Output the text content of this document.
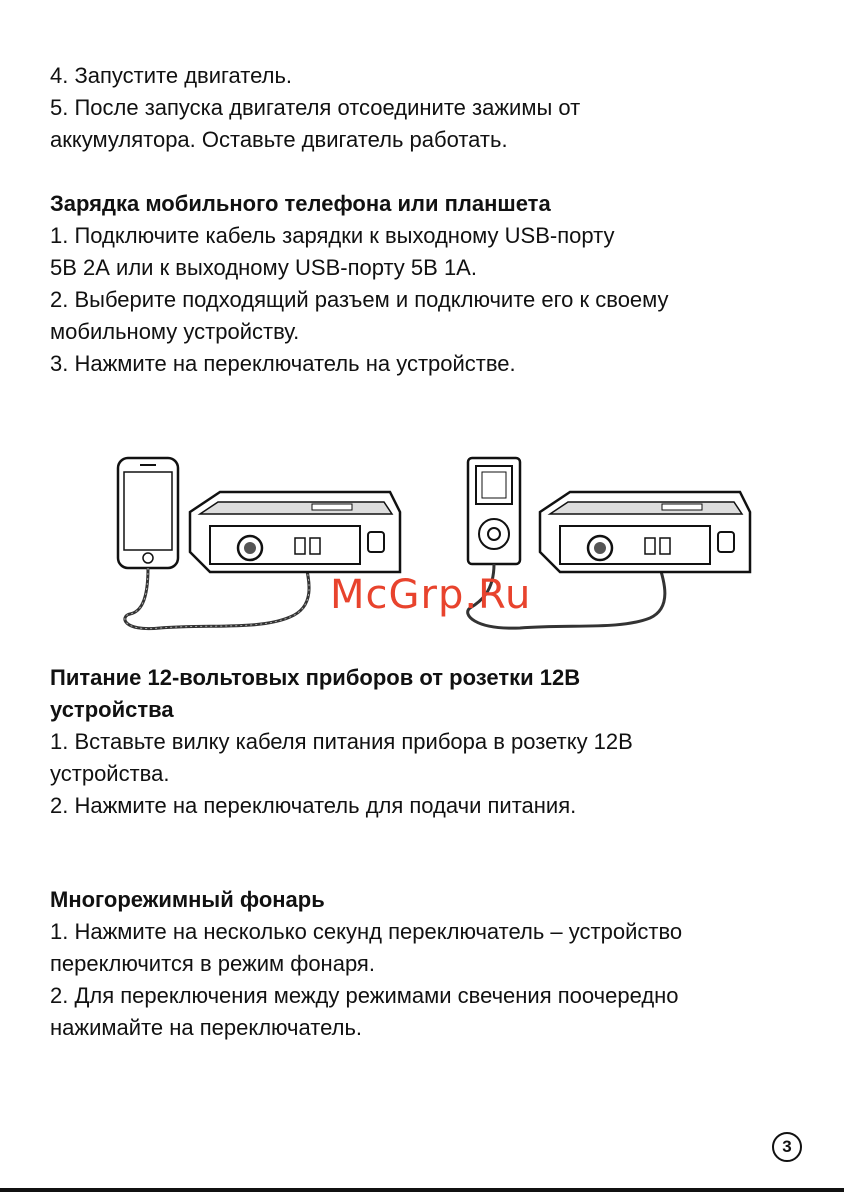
4. Запустите двигатель.
5. После запуска двигателя отсоедините зажимы от
аккумулятора. Оставьте двигатель работать.
Зарядка мобильного телефона или планшета
1. Подключите кабель зарядки к выходному USB-порту
5В 2А или к выходному USB-порту 5В 1А.
2. Выберите подходящий разъем и подключите его к своему
мобильному устройству.
3. Нажмите на переключатель на устройстве.
McGrp.Ru
Питание 12-вольтовых приборов от розетки 12В
устройства
1. Вставьте вилку кабеля питания прибора в розетку 12В
устройства.
2. Нажмите на переключатель для подачи питания.
Многорежимный фонарь
1. Нажмите на несколько секунд переключатель – устройство
переключится в режим фонаря.
2. Для переключения между режимами свечения поочередно
нажимайте на переключатель.
3
